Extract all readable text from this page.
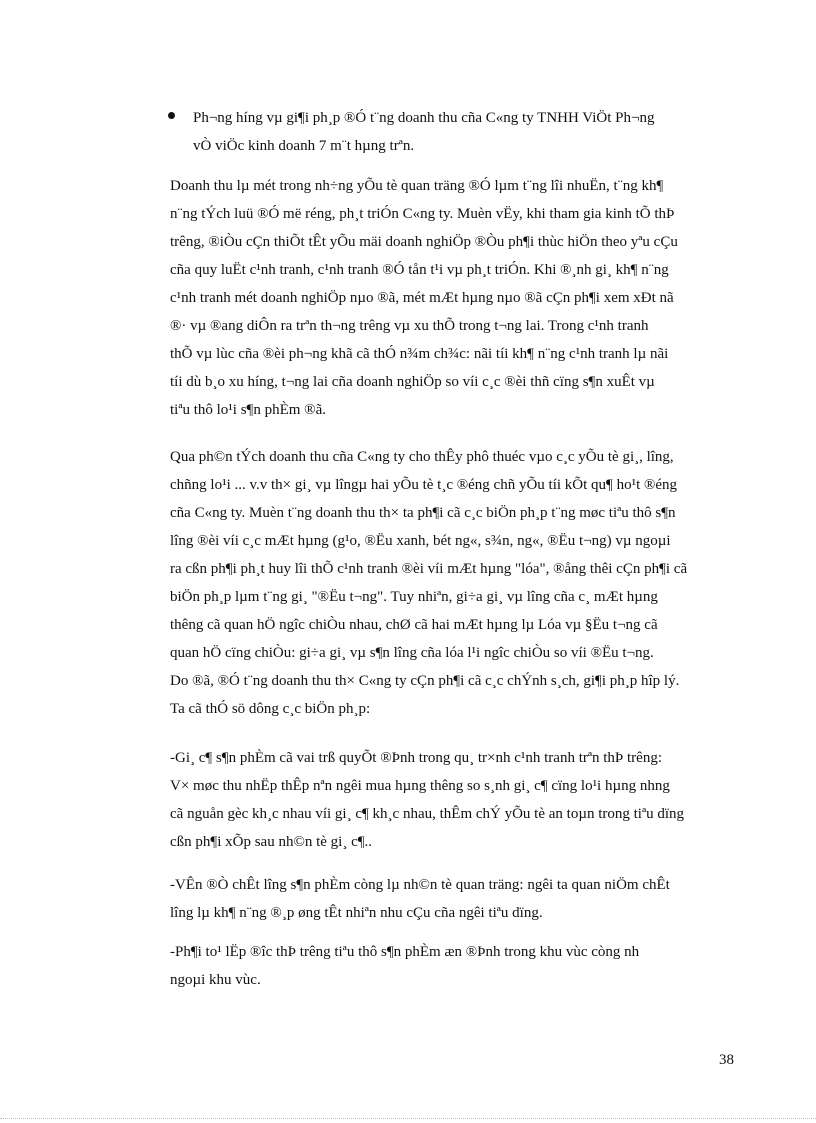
Ph¬ng híng vµ gi¶i ph¸p ®Ó t¨ng doanh thu cña C«ng ty TNHH ViÖt Ph¬ng
vÒ viÖc kinh doanh 7 m¨t hµng trªn.
Doanh thu lµ mét trong nh÷ng yÕu tè quan träng ®Ó lµm t¨ng lîi nhuËn, t¨ng kh¶
n¨ng tÝch luü ®Ó më réng, ph¸t triÓn C«ng ty. Muèn vËy, khi tham gia kinh tÕ thÞ
trêng, ®iÒu cÇn thiÕt tÊt yÕu mäi doanh nghiÖp ®Òu ph¶i thùc hiÖn theo yªu cÇu
cña quy luËt c¹nh tranh, c¹nh tranh ®Ó tån t¹i vµ ph¸t triÓn. Khi ®¸nh gi¸ kh¶ n¨ng
c¹nh tranh mét doanh nghiÖp nµo ®ã, mét mÆt hµng nµo ®ã cÇn ph¶i xem xÐt nã
®· vµ ®ang diÔn ra trªn th¬ng trêng vµ xu thÕ trong t¬ng lai. Trong c¹nh tranh
thÕ vµ lùc cña ®èi ph¬ng khã cã thÓ n¾m ch¾c: nãi tíi kh¶ n¨ng c¹nh tranh lµ nãi
tíi dù b¸o xu híng, t¬ng lai cña doanh nghiÖp so víi c¸c ®èi thñ cïng s¶n xuÊt vµ
tiªu thô lo¹i s¶n phÈm ®ã.
Qua ph©n tÝch doanh thu cña C«ng ty cho thÊy phô thuéc vµo c¸c yÕu tè gi¸, lîng,
chñng lo¹i ... v.v th× gi¸ vµ lîngµ hai yÕu tè t¸c ®éng chñ yÕu tíi kÕt qu¶ ho¹t ®éng
cña C«ng ty. Muèn t¨ng doanh thu th× ta ph¶i cã c¸c biÖn ph¸p t¨ng møc tiªu thô s¶n
lîng ®èi víi c¸c mÆt hµng (g¹o, ®Ëu xanh, bét ng«, s¾n, ng«, ®Ëu t¬ng) vµ ngoµi
ra cßn ph¶i ph¸t huy lîi thÕ c¹nh tranh ®èi víi mÆt hµng "lóa", ®ång thêi cÇn ph¶i cã
biÖn ph¸p lµm t¨ng gi¸ "®Ëu t¬ng". Tuy nhiªn, gi÷a gi¸ vµ lîng cña c¸ mÆt hµng
thêng cã quan hÖ ngîc chiÒu nhau, chØ cã hai mÆt hµng lµ Lóa vµ §Ëu t¬ng cã
quan hÖ cïng chiÒu: gi÷a gi¸ vµ s¶n lîng cña lóa l¹i ngîc chiÒu so víi ®Ëu t¬ng.
Do ®ã, ®Ó t¨ng doanh thu th× C«ng ty cÇn ph¶i cã c¸c chÝnh s¸ch, gi¶i ph¸p hîp lý.
Ta cã thÓ sö dông c¸c biÖn ph¸p:
-Gi¸ c¶ s¶n phÈm cã vai trß quyÕt ®Þnh trong qu¸ tr×nh c¹nh tranh trªn thÞ trêng:
V× møc thu nhËp thÊp nªn ngêi mua hµng thêng so s¸nh gi¸ c¶ cïng lo¹i hµng nhng
cã nguån gèc kh¸c nhau víi gi¸ c¶ kh¸c nhau, thÊm chÝ yÕu tè an toµn trong tiªu dïng
cßn ph¶i xÕp sau nh©n tè gi¸ c¶..
-VÊn ®Ò chÊt lîng s¶n phÈm còng lµ nh©n tè quan träng: ngêi ta quan niÖm chÊt
lîng lµ kh¶ n¨ng ®¸p øng tÊt nhiªn nhu cÇu cña ngêi tiªu dïng.
-Ph¶i to¹ lËp ®îc thÞ trêng tiªu thô s¶n phÈm æn ®Þnh trong khu vùc còng nh
ngoµi khu vùc.
38
